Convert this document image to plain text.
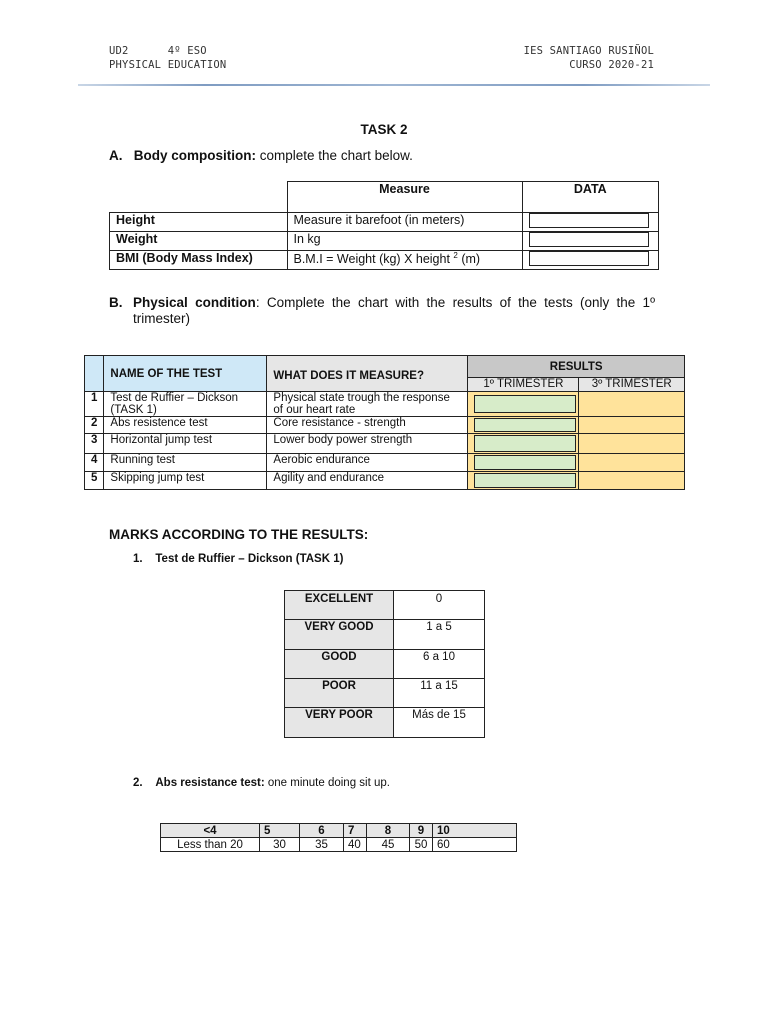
UD2      4º ESO
PHYSICAL EDUCATION
IES SANTIAGO RUSIÑOL
CURSO 2020-21
TASK 2
A. Body composition: complete the chart below.
	Measure	DATA
Height	Measure it barefoot (in meters)	
Weight	In kg	
BMI (Body Mass Index)	B.M.I = Weight (kg) X height $^2$ (m)	
B. Physical condition: Complete the chart with the results of the tests (only the 1º trimester)
	NAME OF THE TEST	WHAT DOES IT MEASURE?	RESULTS	
			1º TRIMESTER	3º TRIMESTER
1	Test de Ruffier – Dickson (TASK 1)	Physical state trough the response of our heart rate	

2	Abs resistence test	Core resistance - strength	

3	Horizontal jump test	Lower body power strength	

4	Running test	Aerobic endurance	

5	Skipping jump test	Agility and endurance	

MARKS ACCORDING TO THE RESULTS:
1. Test de Ruffier – Dickson (TASK 1)
EXCELLENT	0
VERY GOOD	1 a 5
GOOD	6 a 10
POOR	11 a 15
VERY POOR	Más de 15
2. Abs resistance test: one minute doing sit up.
<4	5	6	7	8	9	10
Less than 20	30	35	40	45	50	60
